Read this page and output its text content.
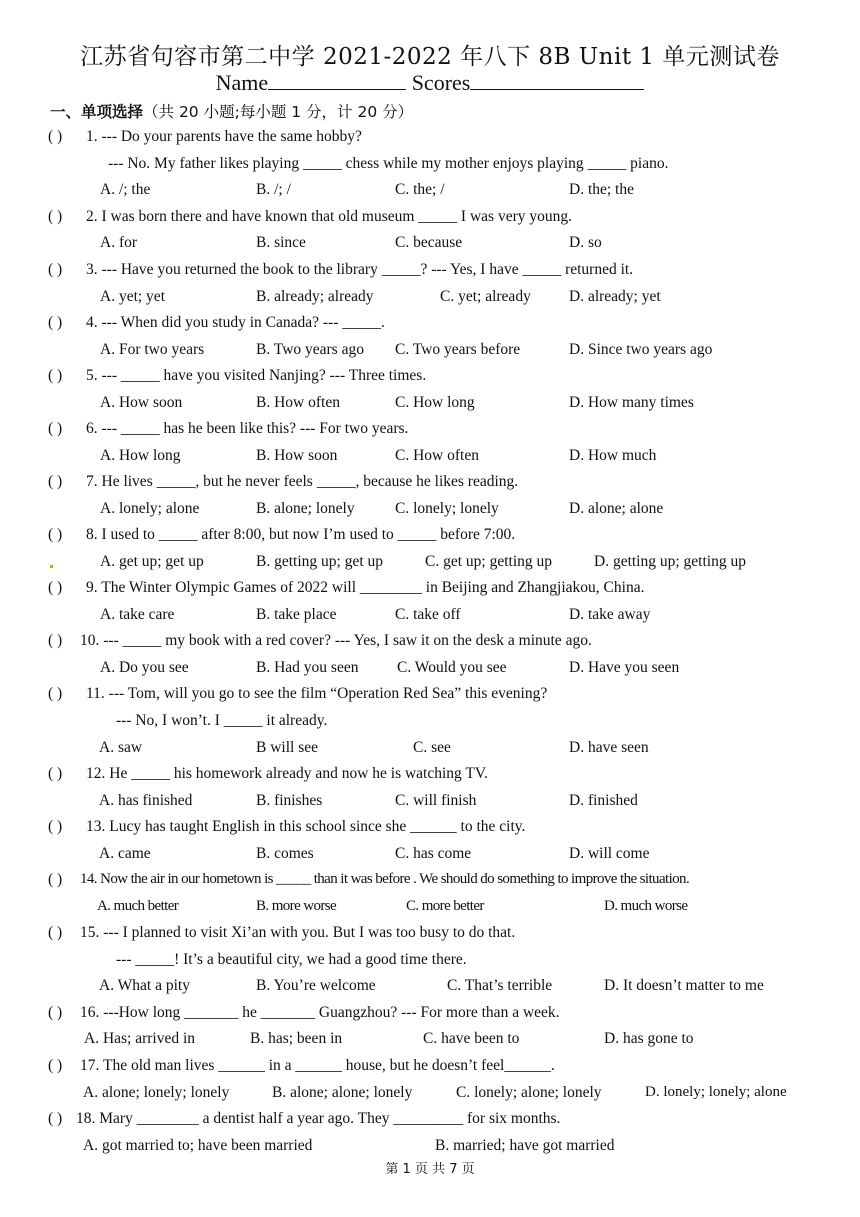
江苏省句容市第二中学 2021-2022 年八下 8B Unit 1 单元测试卷
Name	Scores
一、单项选择（共 20 小题;每小题 1 分，计 20 分）
( ) 1. --- Do your parents have the same hobby?
--- No. My father likes playing _____ chess while my mother enjoys playing _____ piano.
A. /; the	B. /; /	C. the; /	D. the; the
( ) 2. I was born there and have known that old museum _____ I was very young.
A. for	B. since	C. because	D. so
( ) 3. --- Have you returned the book to the library _____? --- Yes, I have _____ returned it.
A. yet; yet	B. already; already	C. yet; already D. already; yet
( ) 4. --- When did you study in Canada? --- _____.
A. For two years	B. Two years ago C. Two years before	D. Since two years ago
( ) 5. --- _____ have you visited Nanjing? --- Three times.
A. How soon	B. How often	C. How long	D. How many times
( ) 6. --- _____ has he been like this? --- For two years.
A. How long	B. How soon	C. How often	D. How much
( ) 7. He lives _____, but he never feels _____, because he likes reading.
A. lonely; alone	B. alone; lonely	C. lonely; lonely	D. alone; alone
( ) 8. I used to _____ after 8:00, but now I’m used to _____ before 7:00.
A. get up; get up	B. getting up; get up	C. get up; getting up	D. getting up; getting up
( ) 9. The Winter Olympic Games of 2022 will ________ in Beijing and Zhangjiakou, China.
A. take care	B. take place	C. take off	D. take away
( ) 10. --- _____ my book with a red cover? --- Yes, I saw it on the desk a minute ago.
A. Do you see	B. Had you seen C. Would you see	D. Have you seen
( ) 11. --- Tom, will you go to see the film “Operation Red Sea” this evening?
--- No, I won’t. I _____ it already.
A. saw	B will see	C. see	D. have seen
( ) 12. He _____ his homework already and now he is watching TV.
A. has finished	B. finishes	C. will finish	D. finished
( ) 13. Lucy has taught English in this school since she ______ to the city.
A. came	B. comes	C. has come	D. will come
( ) 14. Now the air in our hometown is _____ than it was before . We should do something to improve the situation.
A. much better	B. more worse	C. more better	D. much worse
( ) 15. --- I planned to visit Xi’an with you. But I was too busy to do that.
--- _____! It’s a beautiful city, we had a good time there.
A. What a pity	B. You’re welcome	C. That’s terrible	D. It doesn’t matter to me
( ) 16. ---How long _______ he _______ Guangzhou? --- For more than a week.
A. Has; arrived in	B. has; been in	C. have been to	D. has gone to
( ) 17. The old man lives ______ in a ______ house, but he doesn’t feel______.
A. alone; lonely; lonely	B. alone; alone; lonely	C. lonely; alone; lonely	D. lonely; lonely; alone
( ) 18. Mary ________ a dentist half a year ago. They _________ for six months.
A. got married to; have been married	B. married; have got married
第 1 页 共 7 页
